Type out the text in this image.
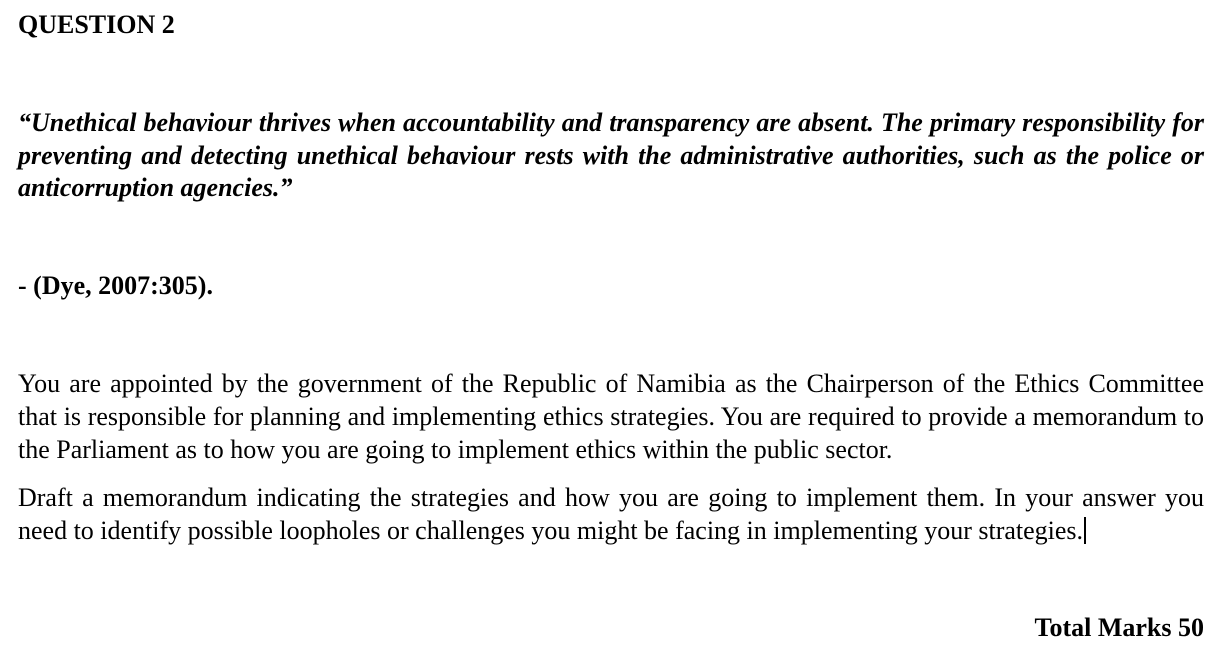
QUESTION 2

“Unethical behaviour thrives when accountability and transparency are absent. The primary responsibility for preventing and detecting unethical behaviour rests with the administrative authorities, such as the police or anticorruption agencies.”

- (Dye, 2007:305).

You are appointed by the government of the Republic of Namibia as the Chairperson of the Ethics Committee that is responsible for planning and implementing ethics strategies. You are required to provide a memorandum to the Parliament as to how you are going to implement ethics within the public sector.

Draft a memorandum indicating the strategies and how you are going to implement them. In your answer you need to identify possible loopholes or challenges you might be facing in implementing your strategies.

Total Marks 50
